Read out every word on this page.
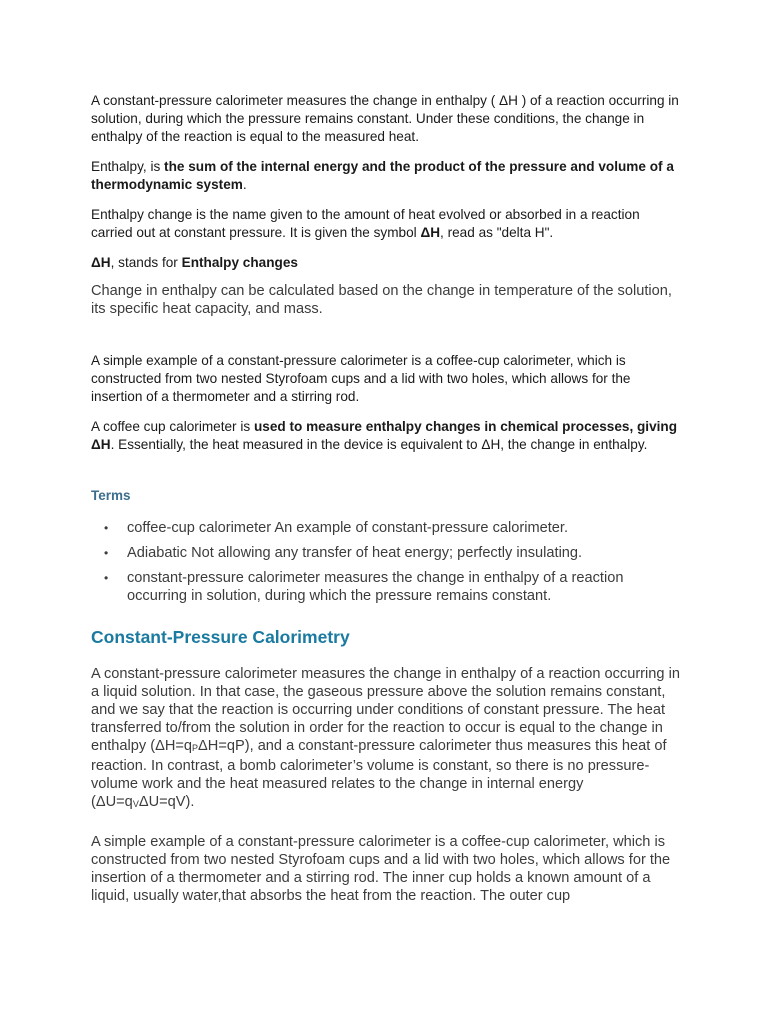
A constant-pressure calorimeter measures the change in enthalpy ( ΔH ) of a reaction occurring in solution, during which the pressure remains constant. Under these conditions, the change in enthalpy of the reaction is equal to the measured heat.

Enthalpy, is the sum of the internal energy and the product of the pressure and volume of a thermodynamic system.

Enthalpy change is the name given to the amount of heat evolved or absorbed in a reaction carried out at constant pressure. It is given the symbol ΔH, read as "delta H".

ΔH, stands for Enthalpy changes

Change in enthalpy can be calculated based on the change in temperature of the solution, its specific heat capacity, and mass.

A simple example of a constant-pressure calorimeter is a coffee-cup calorimeter, which is constructed from two nested Styrofoam cups and a lid with two holes, which allows for the insertion of a thermometer and a stirring rod.

A coffee cup calorimeter is used to measure enthalpy changes in chemical processes, giving ΔH. Essentially, the heat measured in the device is equivalent to ΔH, the change in enthalpy.

Terms

• coffee-cup calorimeter An example of constant-pressure calorimeter.
• Adiabatic Not allowing any transfer of heat energy; perfectly insulating.
• constant-pressure calorimeter measures the change in enthalpy of a reaction occurring in solution, during which the pressure remains constant.

Constant-Pressure Calorimetry

A constant-pressure calorimeter measures the change in enthalpy of a reaction occurring in a liquid solution. In that case, the gaseous pressure above the solution remains constant, and we say that the reaction is occurring under conditions of constant pressure. The heat transferred to/from the solution in order for the reaction to occur is equal to the change in enthalpy (ΔH=qPΔH=qP), and a constant-pressure calorimeter thus measures this heat of reaction. In contrast, a bomb calorimeter’s volume is constant, so there is no pressure-volume work and the heat measured relates to the change in internal energy (ΔU=qVΔU=qV).

A simple example of a constant-pressure calorimeter is a coffee-cup calorimeter, which is constructed from two nested Styrofoam cups and a lid with two holes, which allows for the insertion of a thermometer and a stirring rod. The inner cup holds a known amount of a liquid, usually water,that absorbs the heat from the reaction. The outer cup
